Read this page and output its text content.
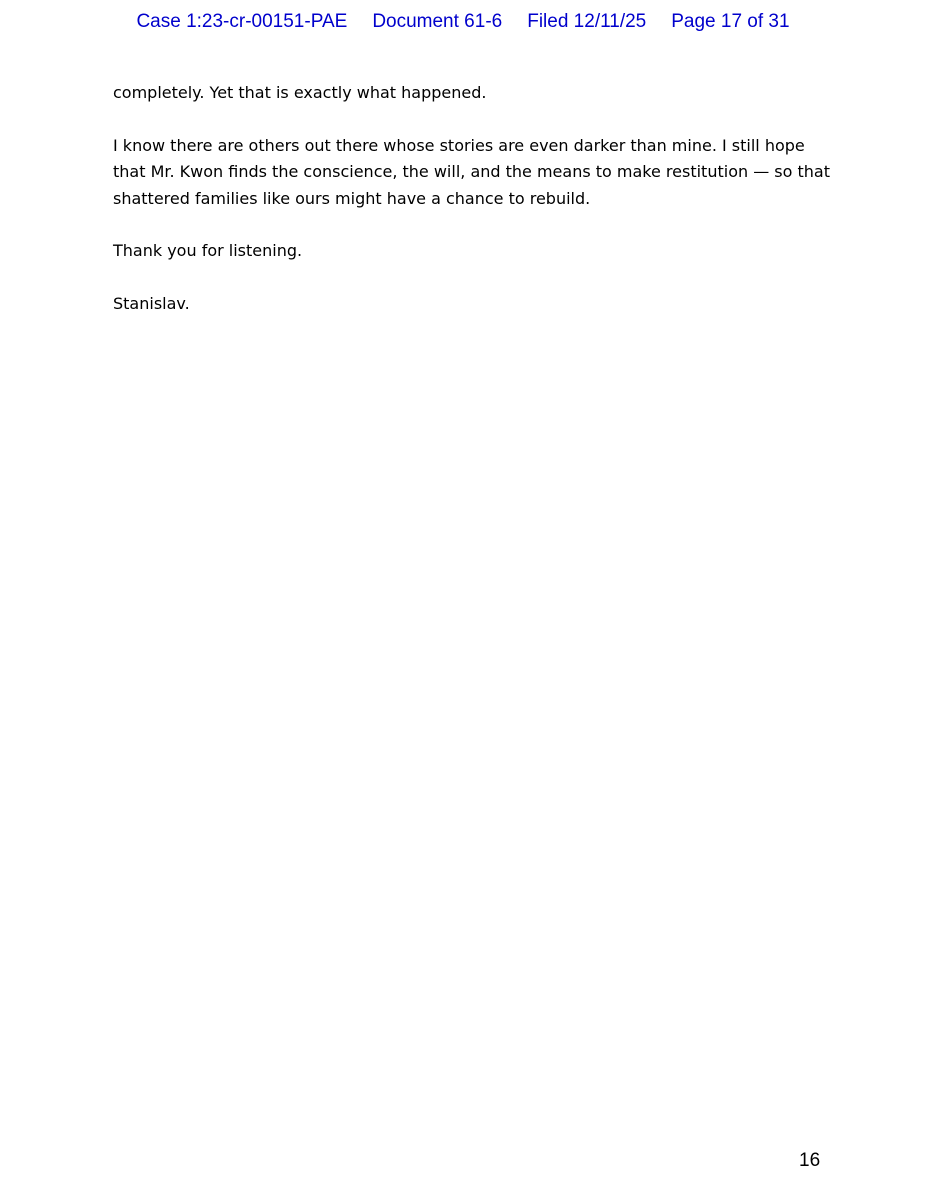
Case 1:23-cr-00151-PAE Document 61-6 Filed 12/11/25 Page 17 of 31

completely. Yet that is exactly what happened.

I know there are others out there whose stories are even darker than mine. I still hope that Mr. Kwon finds the conscience, the will, and the means to make restitution — so that shattered families like ours might have a chance to rebuild.

Thank you for listening.

Stanislav.

16
